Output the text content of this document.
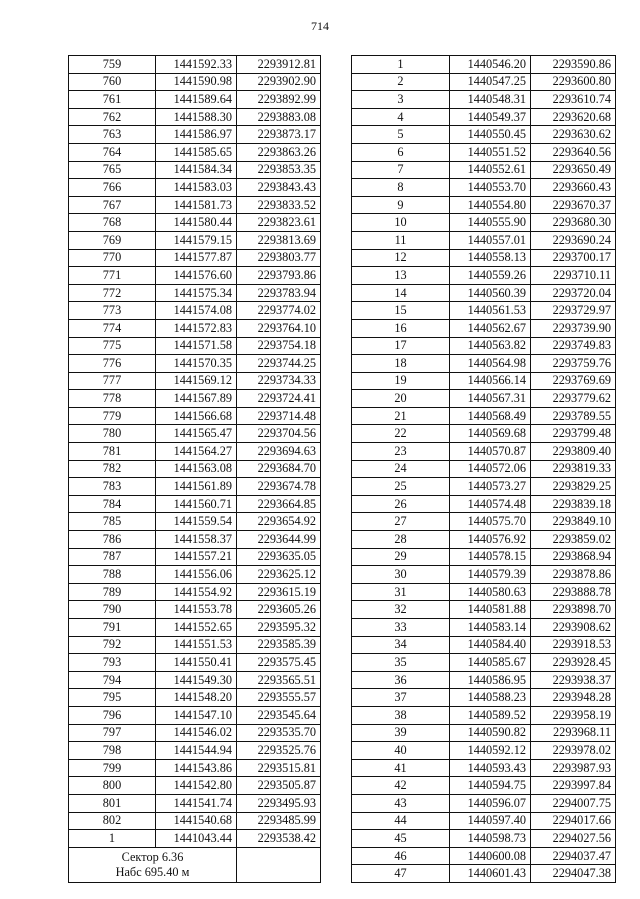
714
759	1441592.33	2293912.81
760	1441590.98	2293902.90
761	1441589.64	2293892.99
762	1441588.30	2293883.08
763	1441586.97	2293873.17
764	1441585.65	2293863.26
765	1441584.34	2293853.35
766	1441583.03	2293843.43
767	1441581.73	2293833.52
768	1441580.44	2293823.61
769	1441579.15	2293813.69
770	1441577.87	2293803.77
771	1441576.60	2293793.86
772	1441575.34	2293783.94
773	1441574.08	2293774.02
774	1441572.83	2293764.10
775	1441571.58	2293754.18
776	1441570.35	2293744.25
777	1441569.12	2293734.33
778	1441567.89	2293724.41
779	1441566.68	2293714.48
780	1441565.47	2293704.56
781	1441564.27	2293694.63
782	1441563.08	2293684.70
783	1441561.89	2293674.78
784	1441560.71	2293664.85
785	1441559.54	2293654.92
786	1441558.37	2293644.99
787	1441557.21	2293635.05
788	1441556.06	2293625.12
789	1441554.92	2293615.19
790	1441553.78	2293605.26
791	1441552.65	2293595.32
792	1441551.53	2293585.39
793	1441550.41	2293575.45
794	1441549.30	2293565.51
795	1441548.20	2293555.57
796	1441547.10	2293545.64
797	1441546.02	2293535.70
798	1441544.94	2293525.76
799	1441543.86	2293515.81
800	1441542.80	2293505.87
801	1441541.74	2293495.93
802	1441540.68	2293485.99
1	1441043.44	2293538.42

Сектор 6.36
Набс 695.40 м		

1	1440546.20	2293590.86
2	1440547.25	2293600.80
3	1440548.31	2293610.74
4	1440549.37	2293620.68
5	1440550.45	2293630.62
6	1440551.52	2293640.56
7	1440552.61	2293650.49
8	1440553.70	2293660.43
9	1440554.80	2293670.37
10	1440555.90	2293680.30
11	1440557.01	2293690.24
12	1440558.13	2293700.17
13	1440559.26	2293710.11
14	1440560.39	2293720.04
15	1440561.53	2293729.97
16	1440562.67	2293739.90
17	1440563.82	2293749.83
18	1440564.98	2293759.76
19	1440566.14	2293769.69
20	1440567.31	2293779.62
21	1440568.49	2293789.55
22	1440569.68	2293799.48
23	1440570.87	2293809.40
24	1440572.06	2293819.33
25	1440573.27	2293829.25
26	1440574.48	2293839.18
27	1440575.70	2293849.10
28	1440576.92	2293859.02
29	1440578.15	2293868.94
30	1440579.39	2293878.86
31	1440580.63	2293888.78
32	1440581.88	2293898.70
33	1440583.14	2293908.62
34	1440584.40	2293918.53
35	1440585.67	2293928.45
36	1440586.95	2293938.37
37	1440588.23	2293948.28
38	1440589.52	2293958.19
39	1440590.82	2293968.11
40	1440592.12	2293978.02
41	1440593.43	2293987.93
42	1440594.75	2293997.84
43	1440596.07	2294007.75
44	1440597.40	2294017.66
45	1440598.73	2294027.56
46	1440600.08	2294037.47
47	1440601.43	2294047.38
